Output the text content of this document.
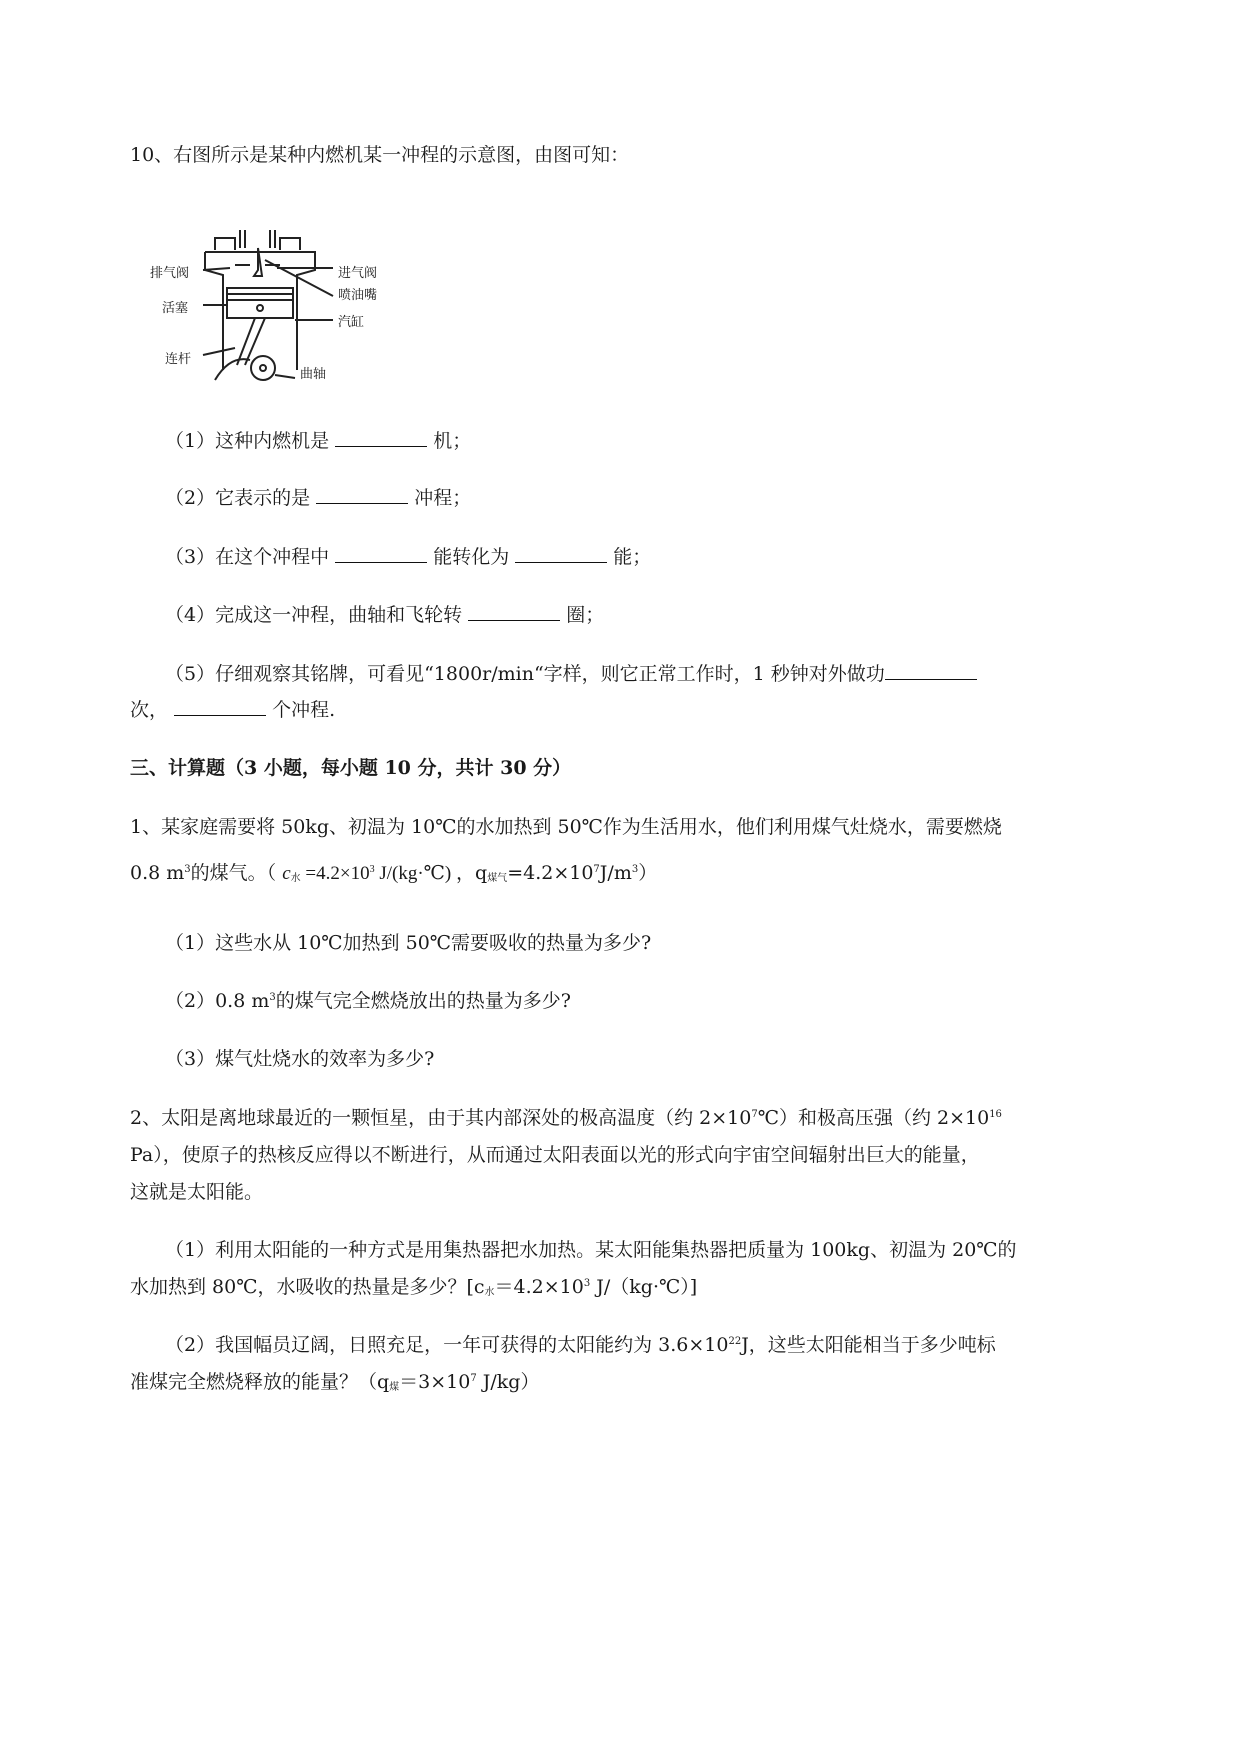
10、右图所示是某种内燃机某一冲程的示意图，由图可知：
排气阀	进气阀
活塞
喷油嘴
汽缸
连杆
曲轴
（1）这种内燃机是	机；
（2）它表示的是	冲程；
（3）在这个冲程中	能转化为	能；
（4）完成这一冲程，曲轴和飞轮转	圈；
（5）仔细观察其铭牌，可看见“1800r/min“字样，则它正常工作时，1 秒钟对外做功
次，	个冲程.
三、计算题（3 小题，每小题 10 分，共计 30 分）
1、某家庭需要将 50kg、初温为 10℃的水加热到 50℃作为生活用水，他们利用煤气灶烧水，需要燃烧
0.8 $m^3$的煤气。（ $c_水 =4.2\times 10^3$ J/(kg·℃) ，$q_{煤气}=4.2\times 10^7J/m^3$）
（1）这些水从 10℃加热到 50℃需要吸收的热量为多少?
（2）0.8 $m^3$的煤气完全燃烧放出的热量为多少?
（3）煤气灶烧水的效率为多少?
2、太阳是离地球最近的一颗恒星，由于其内部深处的极高温度（约 $2\times 10^7℃$）和极高压强（约 $2\times 10^{16}$
Pa），使原子的热核反应得以不断进行，从而通过太阳表面以光的形式向宇宙空间辐射出巨大的能量，
这就是太阳能。
（1）利用太阳能的一种方式是用集热器把水加热。某太阳能集热器把质量为 100kg、初温为 20℃的
水加热到 80℃，水吸收的热量是多少？[$c_水=4.2\times 10^3$ J/（kg·℃）]
（2）我国幅员辽阔，日照充足，一年可获得的太阳能约为 $3.6\times 10^{22}J$，这些太阳能相当于多少吨标
准煤完全燃烧释放的能量？（$q_煤=3\times 10^7$ J/kg）
